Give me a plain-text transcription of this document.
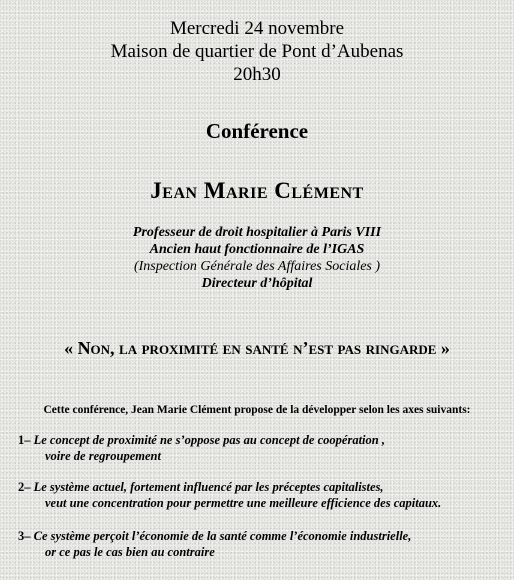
Mercredi 24 novembre
Maison de quartier de Pont d’Aubenas
20h30
Conférence
Jean Marie Clément
Professeur de droit hospitalier à Paris VIII
Ancien haut fonctionnaire de l’IGAS
(Inspection Générale des Affaires Sociales )
Directeur d’hôpital
« Non, la proximité en santé n’est pas ringarde »
Cette conférence, Jean Marie Clément propose de la développer selon les axes suivants:
1– Le concept de proximité ne s’oppose pas au concept de coopération ,
voire de regroupement
2– Le système actuel, fortement influencé par les préceptes capitalistes,
veut une concentration pour permettre une meilleure efficience des capitaux.
3– Ce système perçoit l’économie de la santé comme l’économie industrielle,
or ce pas le cas bien au contraire
